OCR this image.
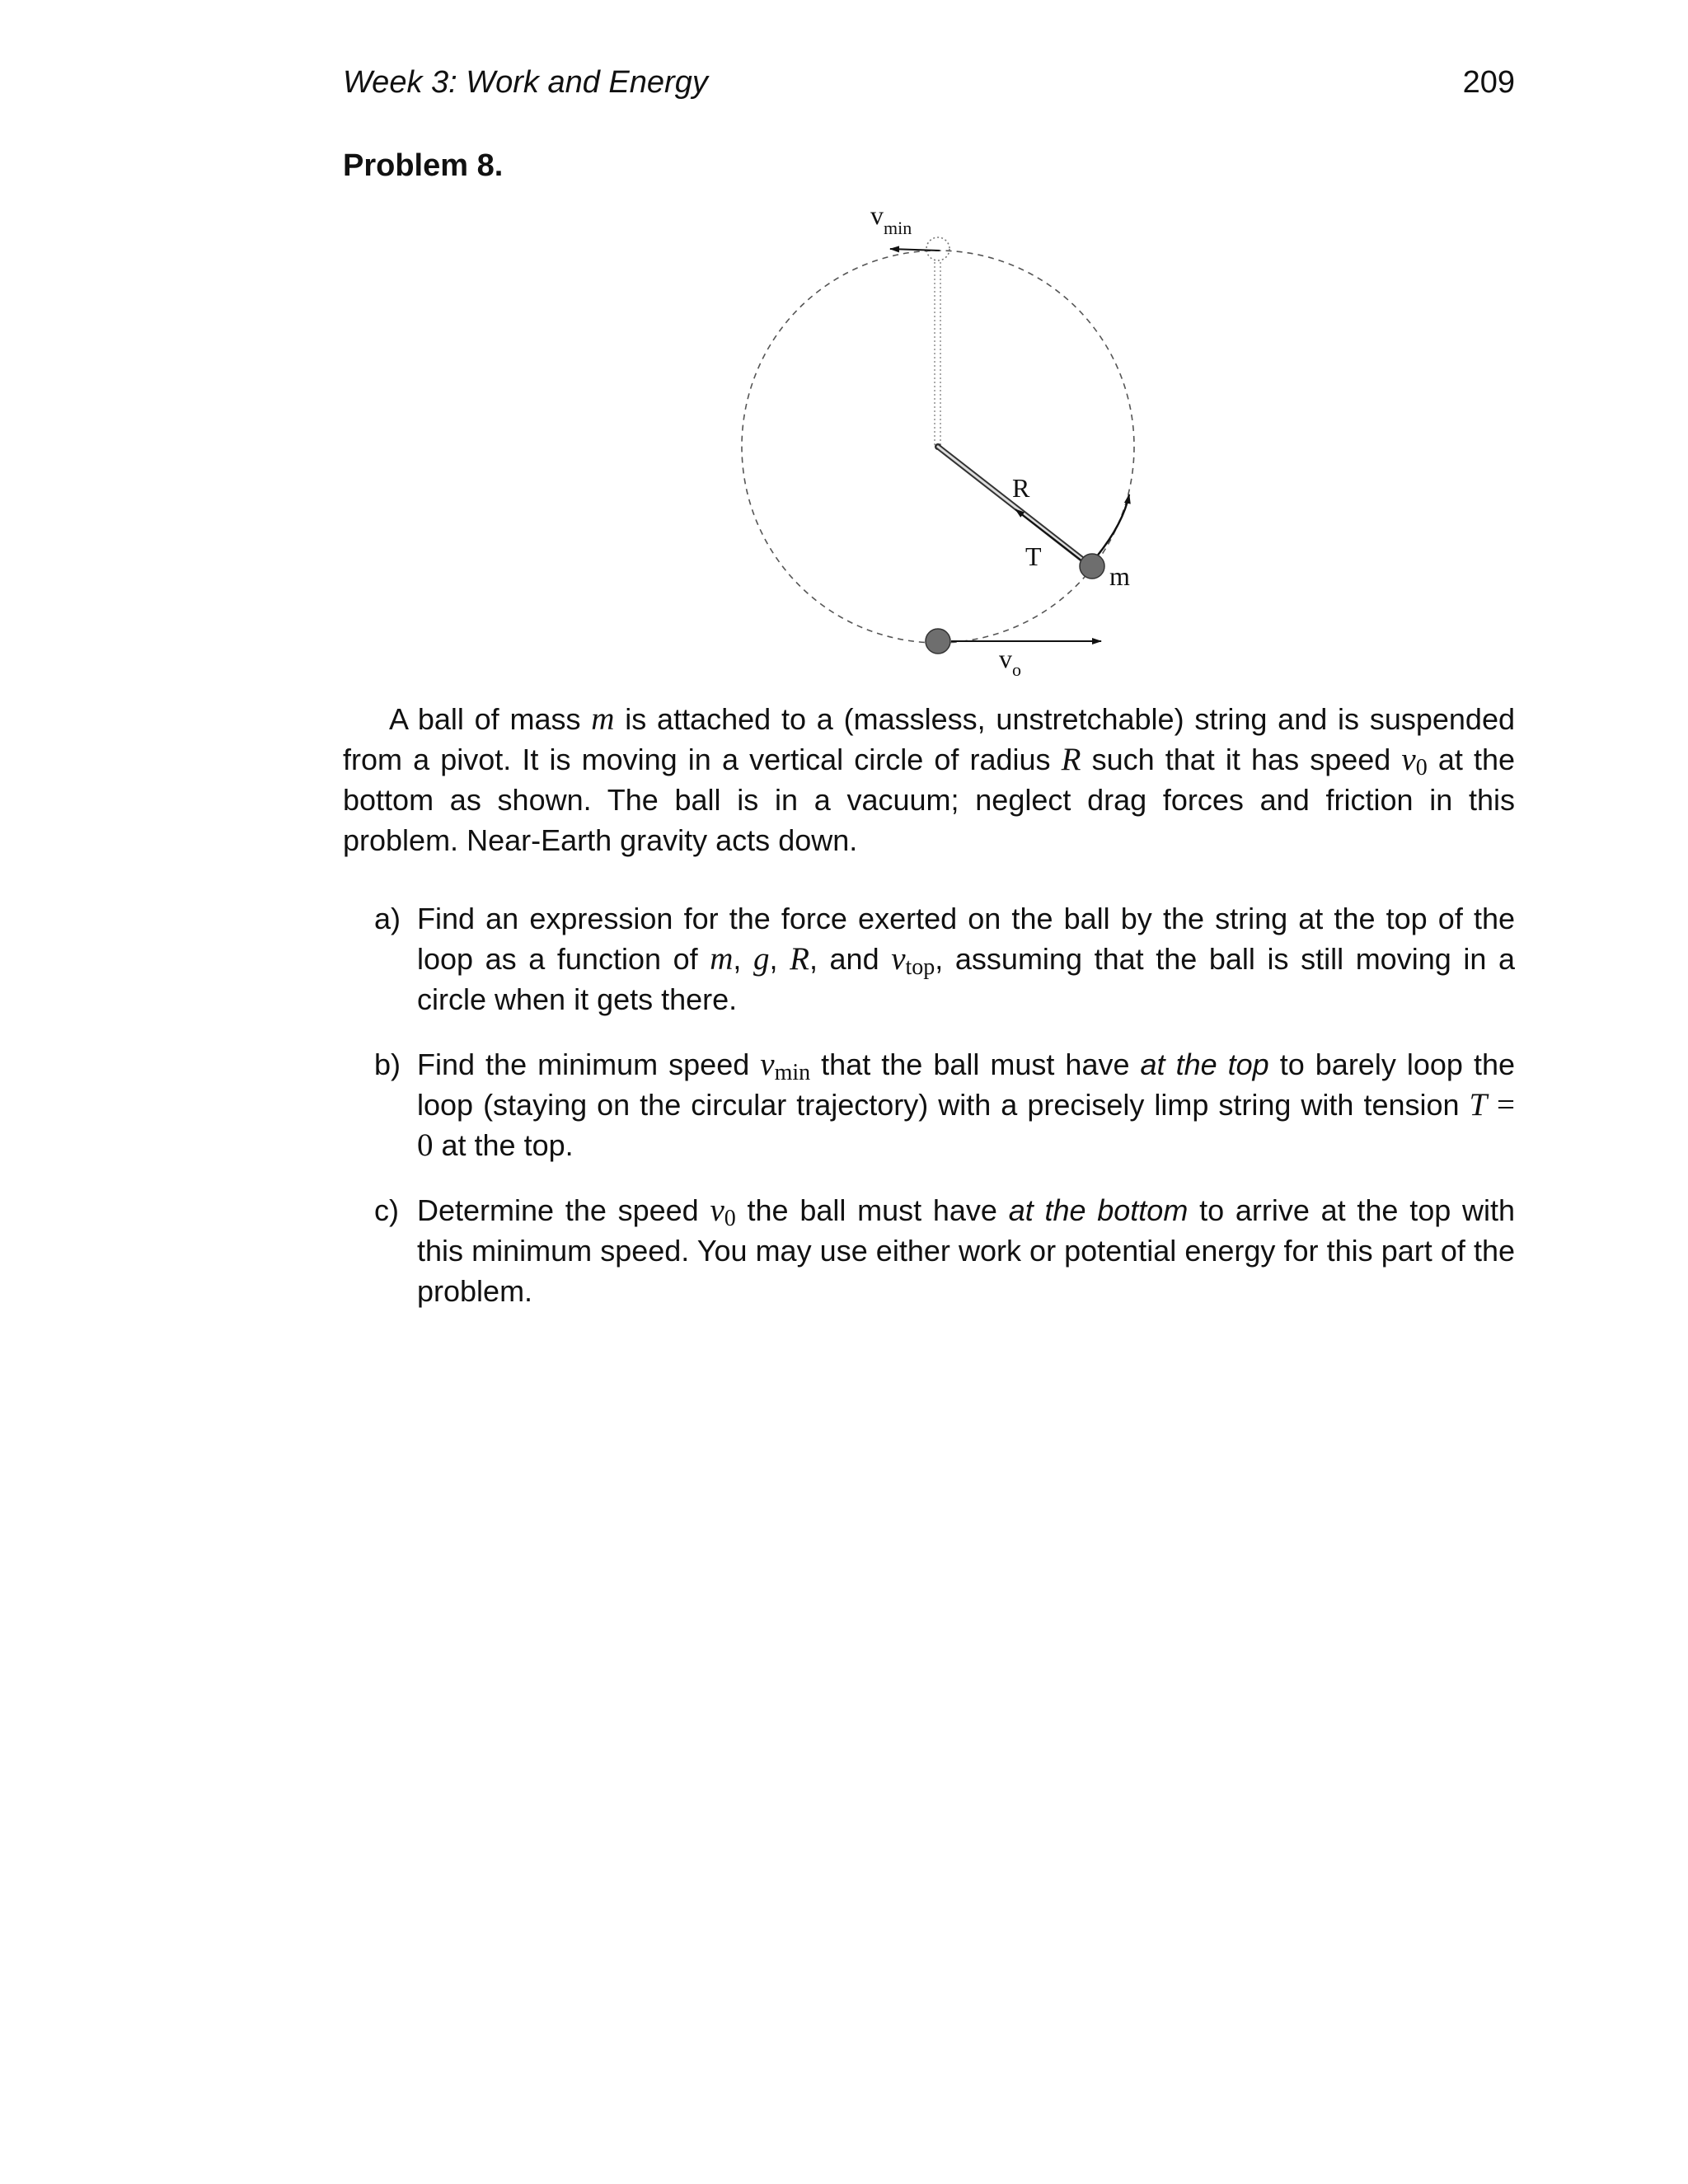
Week 3: Work and Energy	209
Problem 8.
$v_{min}$
R
T
m
$v_o$

A ball of mass m is attached to a (massless, unstretchable) string and is suspended from a pivot. It is moving in a vertical circle of radius R such that it has speed $v_0$ at the bottom as shown. The ball is in a vacuum; neglect drag forces and friction in this problem. Near-Earth gravity acts down.

a) Find an expression for the force exerted on the ball by the string at the top of the loop as a function of m, g, R, and $v_{top}$, assuming that the ball is still moving in a circle when it gets there.
b) Find the minimum speed $v_{min}$ that the ball must have at the top to barely loop the loop (staying on the circular trajectory) with a precisely limp string with tension T = 0 at the top.
c) Determine the speed $v_0$ the ball must have at the bottom to arrive at the top with this minimum speed. You may use either work or potential energy for this part of the problem.
